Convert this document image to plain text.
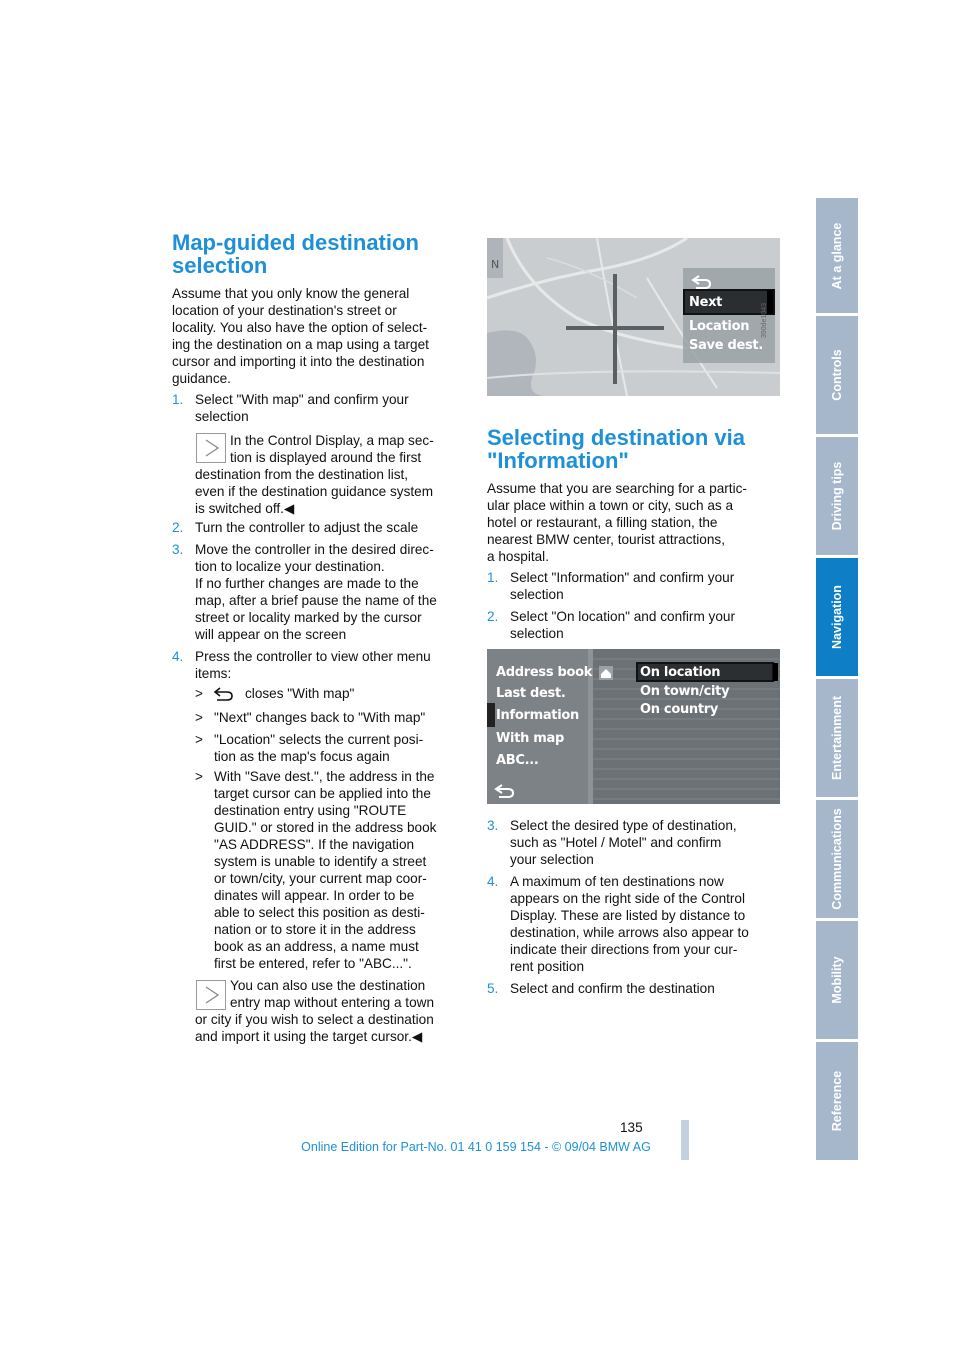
Map-guided destination
selection
Assume that you only know the general
location of your destination's street or
locality. You also have the option of select-
ing the destination on a map using a target
cursor and importing it into the destination
guidance.
1. Select "With map" and confirm your
selection
In the Control Display, a map sec-
tion is displayed around the first
destination from the destination list,
even if the destination guidance system
is switched off.◀
2. Turn the controller to adjust the scale
3. Move the controller in the desired direc-
tion to localize your destination.
If no further changes are made to the
map, after a brief pause the name of the
street or locality marked by the cursor
will appear on the screen
4. Press the controller to view other menu
items:
>	closes "With map"
> "Next" changes back to "With map"
> "Location" selects the current posi-
tion as the map's focus again
> With "Save dest.", the address in the
target cursor can be applied into the
destination entry using "ROUTE
GUID." or stored in the address book
"AS ADDRESS". If the navigation
system is unable to identify a street
or town/city, your current map coor-
dinates will appear. In order to be
able to select this position as desti-
nation or to store it in the address
book as an address, a name must
first be entered, refer to "ABC...".
You can also use the destination
entry map without entering a town
or city if you wish to select a destination
and import it using the target cursor.◀
N
Next
Location
Save dest.
390de1043
Selecting destination via
"Information"
Assume that you are searching for a partic-
ular place within a town or city, such as a
hotel or restaurant, a filling station, the
nearest BMW center, tourist attractions,
a hospital.
1. Select "Information" and confirm your
selection
2. Select "On location" and confirm your
selection
3. Select the desired type of destination,
such as "Hotel / Motel" and confirm
your selection
4. A maximum of ten destinations now
appears on the right side of the Control
Display. These are listed by distance to
destination, while arrows also appear to
indicate their directions from your cur-
rent position
5. Select and confirm the destination
Address book
Last dest.
Information
With map
ABC...
On location
On town/city
On country
At a glance
Controls
Driving tips
Navigation
Entertainment
Communications
Mobility
Reference
135
Online Edition for Part-No. 01 41 0 159 154 - © 09/04 BMW AG
